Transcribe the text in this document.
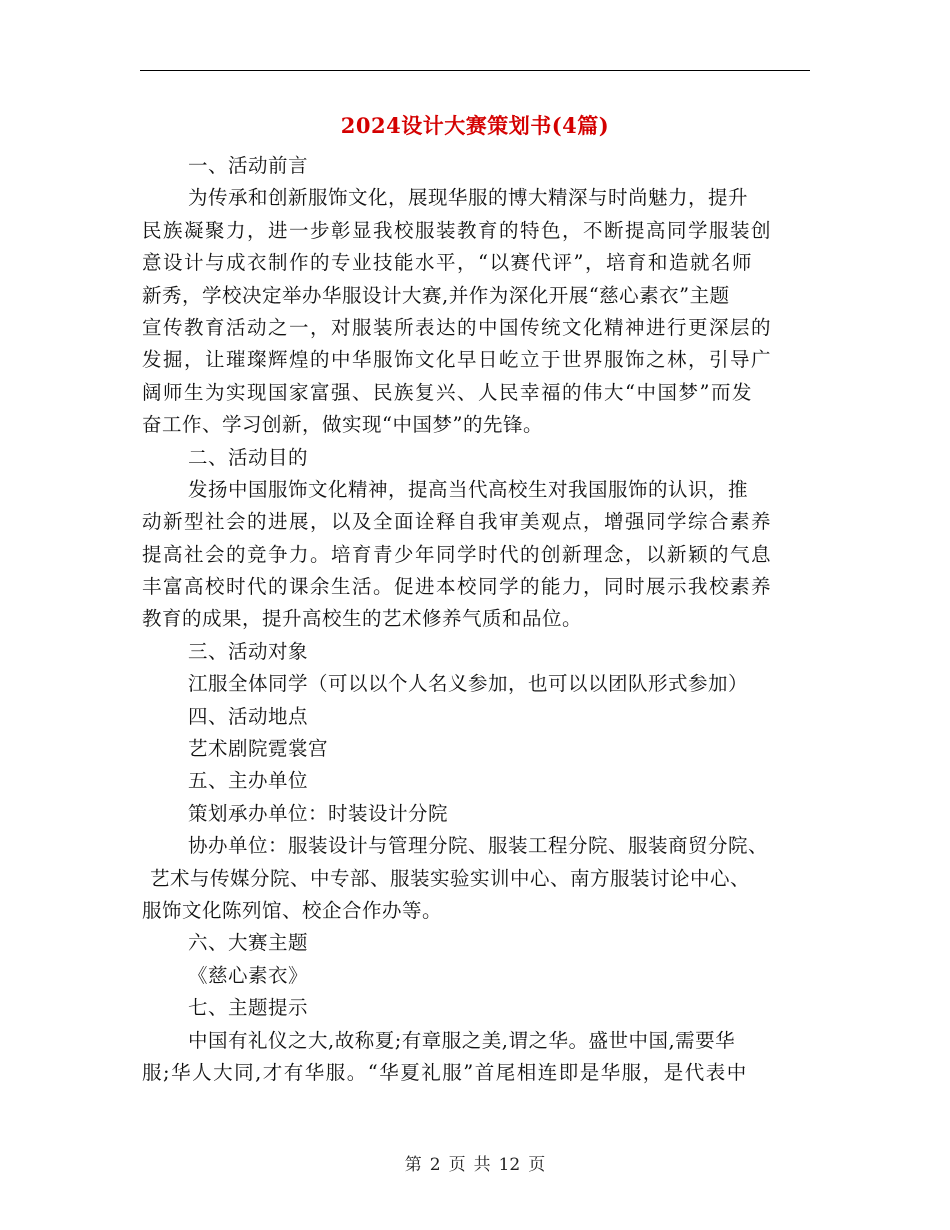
2024设计大赛策划书(4篇)
一、活动前言
为传承和创新服饰文化，展现华服的博大精深与时尚魅力，提升
民族凝聚力，进一步彰显我校服装教育的特色，不断提高同学服装创
意设计与成衣制作的专业技能水平，“以赛代评”，培育和造就名师
新秀，学校决定举办华服设计大赛,并作为深化开展“慈心素衣”主题
宣传教育活动之一，对服装所表达的中国传统文化精神进行更深层的
发掘，让璀璨辉煌的中华服饰文化早日屹立于世界服饰之林，引导广
阔师生为实现国家富强、民族复兴、人民幸福的伟大“中国梦”而发
奋工作、学习创新，做实现“中国梦”的先锋。
二、活动目的
发扬中国服饰文化精神，提高当代高校生对我国服饰的认识，推
动新型社会的进展，以及全面诠释自我审美观点，增强同学综合素养
提高社会的竞争力。培育青少年同学时代的创新理念，以新颖的气息
丰富高校时代的课余生活。促进本校同学的能力，同时展示我校素养
教育的成果，提升高校生的艺术修养气质和品位。
三、活动对象
江服全体同学（可以以个人名义参加，也可以以团队形式参加）
四、活动地点
艺术剧院霓裳宫
五、主办单位
策划承办单位：时装设计分院
协办单位：服装设计与管理分院、服装工程分院、服装商贸分院、
艺术与传媒分院、中专部、服装实验实训中心、南方服装讨论中心、
服饰文化陈列馆、校企合作办等。
六、大赛主题
《慈心素衣》
七、主题提示
中国有礼仪之大,故称夏;有章服之美,谓之华。盛世中国,需要华
服;华人大同,才有华服。“华夏礼服”首尾相连即是华服，是代表中
第 2 页 共 12 页
